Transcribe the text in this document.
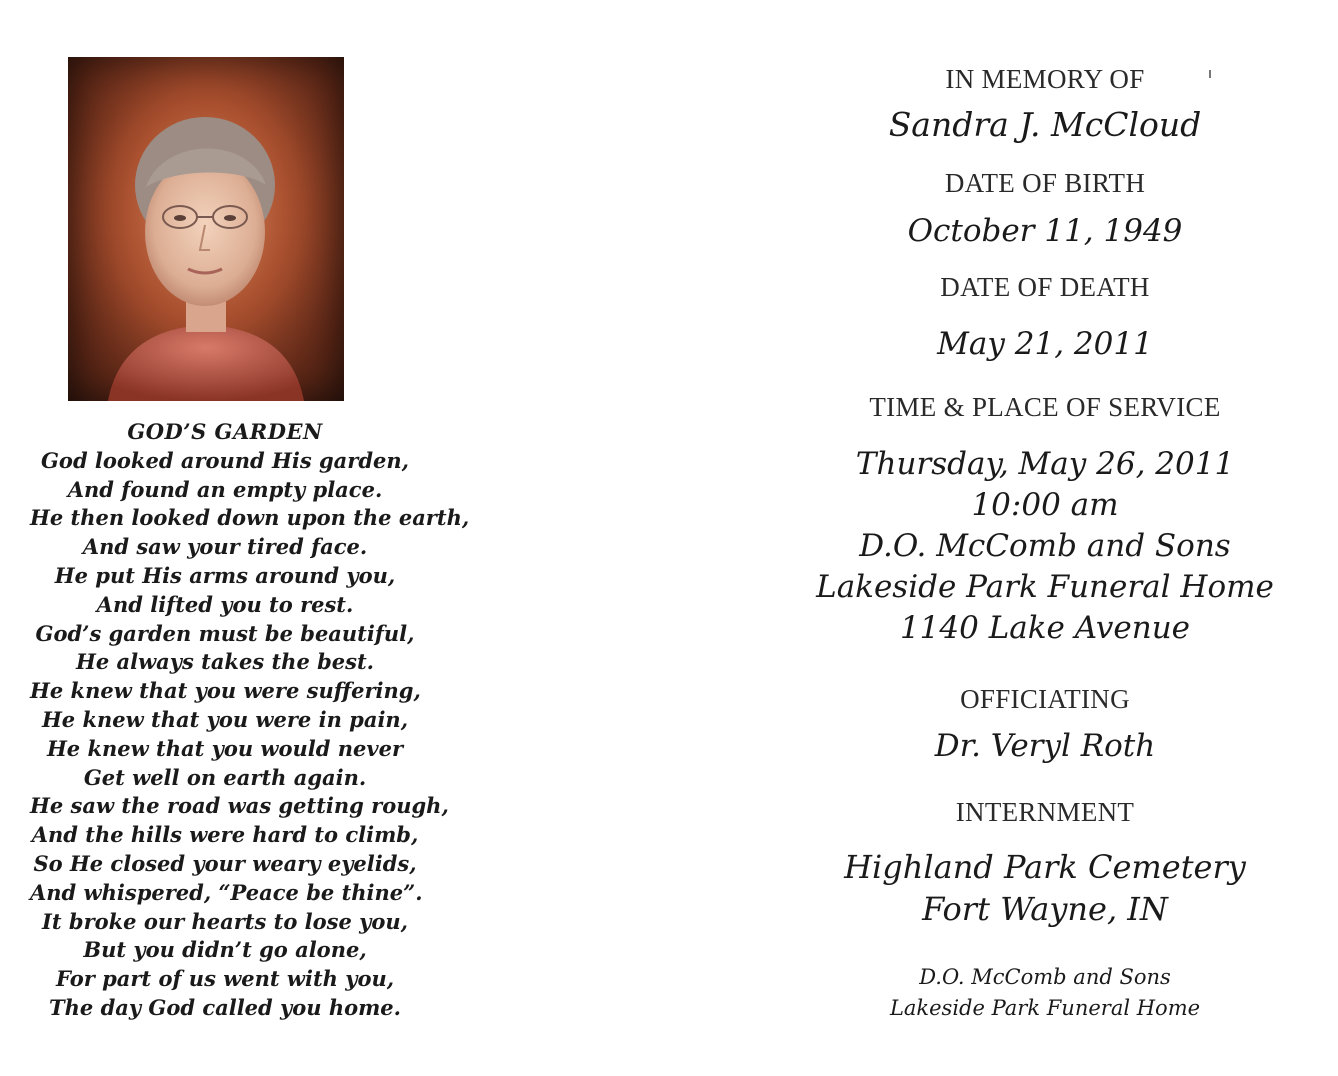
GOD’S GARDEN
God looked around His garden,
And found an empty place.
He then looked down upon the earth,
And saw your tired face.
He put His arms around you,
And lifted you to rest.
God’s garden must be beautiful,
He always takes the best.
He knew that you were suffering,
He knew that you were in pain,
He knew that you would never
Get well on earth again.
He saw the road was getting rough,
And the hills were hard to climb,
So He closed your weary eyelids,
And whispered, “Peace be thine”.
It broke our hearts to lose you,
But you didn’t go alone,
For part of us went with you,
The day God called you home.
IN MEMORY OF
Sandra J. McCloud
DATE OF BIRTH
October 11, 1949
DATE OF DEATH
May 21, 2011
TIME & PLACE OF SERVICE
Thursday, May 26, 2011
10:00 am
D.O. McComb and Sons
Lakeside Park Funeral Home
1140 Lake Avenue
OFFICIATING
Dr. Veryl Roth
INTERNMENT
Highland Park Cemetery
Fort Wayne, IN
D.O. McComb and Sons
Lakeside Park Funeral Home
